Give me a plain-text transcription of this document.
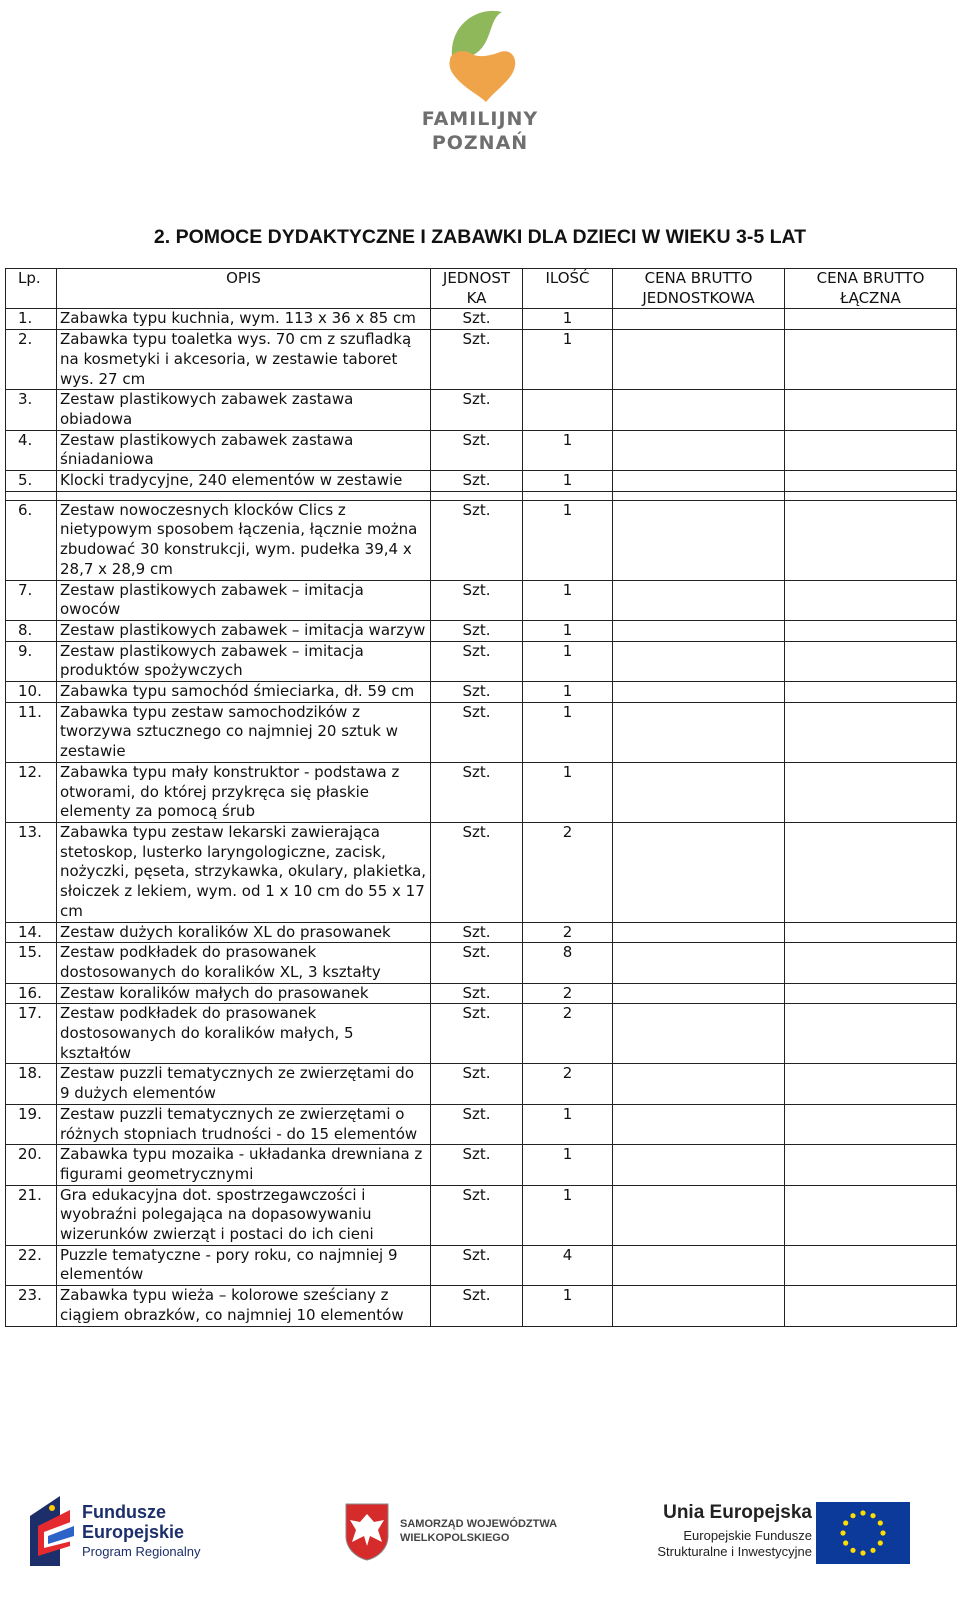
FAMILIJNY
POZNAŃ
2. POMOCE DYDAKTYCZNE I ZABAWKI DLA DZIECI W WIEKU 3-5 LAT
Lp.	OPIS	JEDNOST KA	ILOŚĆ	CENA BRUTTO JEDNOSTKOWA	CENA BRUTTO ŁĄCZNA
1.	Zabawka typu kuchnia, wym. 113 x 36 x 85 cm	Szt.	1		
2.	Zabawka typu toaletka wys. 70 cm z szufladką na kosmetyki i akcesoria, w zestawie taboret wys. 27 cm	Szt.	1		
3.	Zestaw plastikowych zabawek zastawa obiadowa	Szt.			
4.	Zestaw plastikowych zabawek zastawa śniadaniowa	Szt.	1		
5.	Klocki tradycyjne, 240 elementów w zestawie	Szt.	1		

6.	Zestaw nowoczesnych klocków Clics z nietypowym sposobem łączenia, łącznie można zbudować 30 konstrukcji, wym. pudełka 39,4 x 28,7 x 28,9 cm	Szt.	1		
7.	Zestaw plastikowych zabawek – imitacja owoców	Szt.	1		
8.	Zestaw plastikowych zabawek – imitacja warzyw	Szt.	1		
9.	Zestaw plastikowych zabawek – imitacja produktów spożywczych	Szt.	1		
10.	Zabawka typu samochód śmieciarka, dł. 59 cm	Szt.	1		
11.	Zabawka typu zestaw samochodzików z tworzywa sztucznego co najmniej 20 sztuk w zestawie	Szt.	1		
12.	Zabawka typu mały konstruktor - podstawa z otworami, do której przykręca się płaskie elementy za pomocą śrub	Szt.	1		
13.	Zabawka typu zestaw lekarski zawierająca stetoskop, lusterko laryngologiczne, zacisk, nożyczki, pęseta, strzykawka, okulary, plakietka, słoiczek z lekiem, wym. od 1 x 10 cm do 55 x 17 cm	Szt.	2		
14.	Zestaw dużych koralików XL do prasowanek	Szt.	2		
15.	Zestaw podkładek do prasowanek dostosowanych do koralików XL, 3 kształty	Szt.	8		
16.	Zestaw koralików małych do prasowanek	Szt.	2		
17.	Zestaw podkładek do prasowanek dostosowanych do koralików małych, 5 kształtów	Szt.	2		
18.	Zestaw puzzli tematycznych ze zwierzętami do 9 dużych elementów	Szt.	2		
19.	Zestaw puzzli tematycznych ze zwierzętami o różnych stopniach trudności - do 15 elementów	Szt.	1		
20.	Zabawka typu mozaika - układanka drewniana z figurami geometrycznymi	Szt.	1		
21.	Gra edukacyjna dot. spostrzegawczości i wyobraźni polegająca na dopasowywaniu wizerunków zwierząt i postaci do ich cieni	Szt.	1		
22.	Puzzle tematyczne - pory roku, co najmniej 9 elementów	Szt.	4		
23.	Zabawka typu wieża – kolorowe sześciany z ciągiem obrazków, co najmniej 10 elementów	Szt.	1		
Fundusze
Europejskie
Program Regionalny
SAMORZĄD WOJEWÓDZTWA
WIELKOPOLSKIEGO
Unia Europejska
Europejskie Fundusze
Strukturalne i Inwestycyjne
